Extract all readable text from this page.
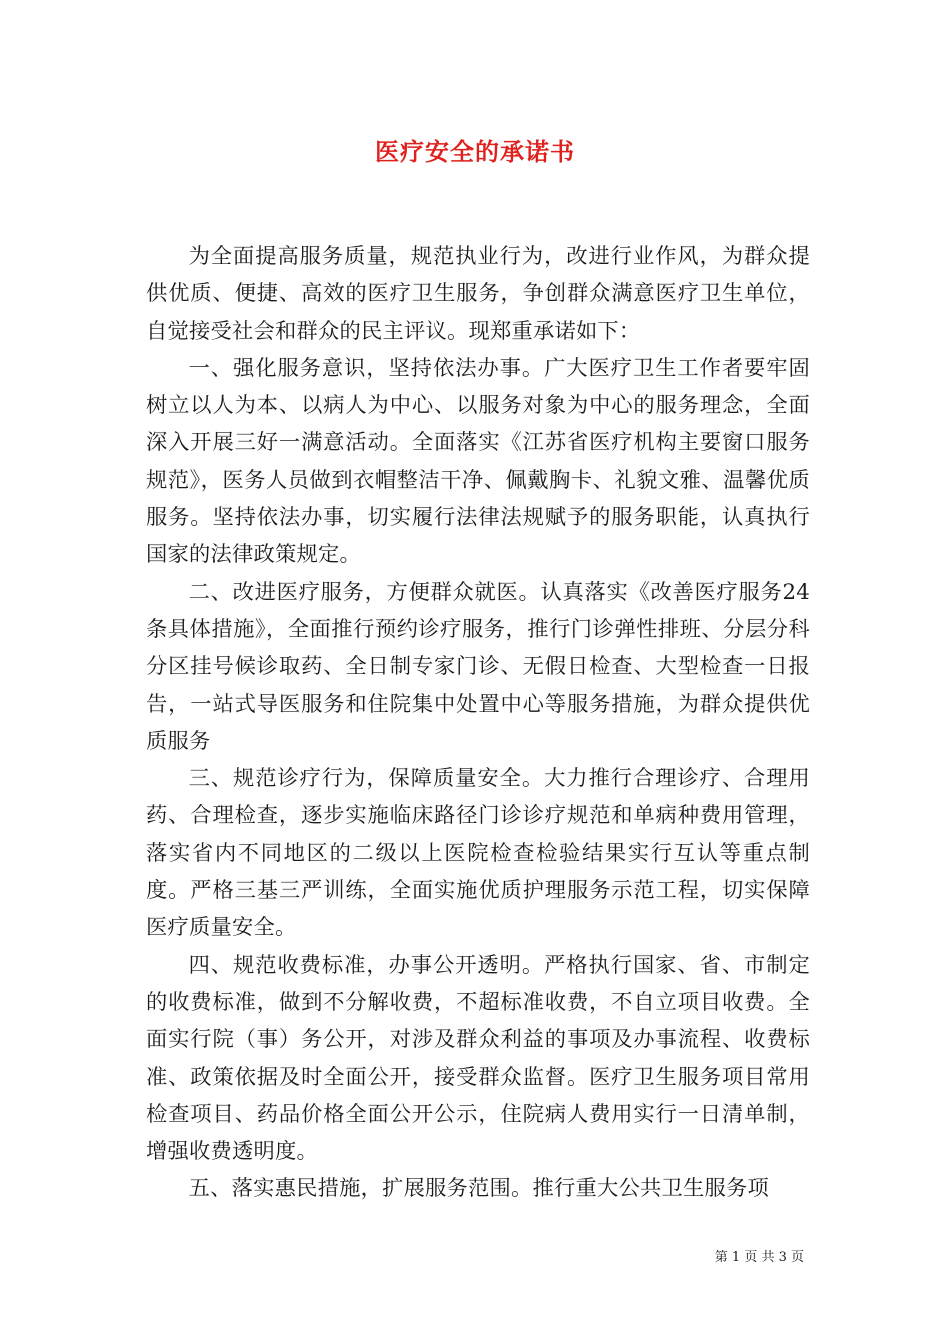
医疗安全的承诺书

为全面提高服务质量，规范执业行为，改进行业作风，为群众提供优质、便捷、高效的医疗卫生服务，争创群众满意医疗卫生单位，自觉接受社会和群众的民主评议。现郑重承诺如下：

一、强化服务意识，坚持依法办事。广大医疗卫生工作者要牢固树立以人为本、以病人为中心、以服务对象为中心的服务理念，全面深入开展三好一满意活动。全面落实《江苏省医疗机构主要窗口服务规范》，医务人员做到衣帽整洁干净、佩戴胸卡、礼貌文雅、温馨优质服务。坚持依法办事，切实履行法律法规赋予的服务职能，认真执行国家的法律政策规定。

二、改进医疗服务，方便群众就医。认真落实《改善医疗服务24条具体措施》，全面推行预约诊疗服务，推行门诊弹性排班、分层分科分区挂号候诊取药、全日制专家门诊、无假日检查、大型检查一日报告，一站式导医服务和住院集中处置中心等服务措施，为群众提供优质服务

三、规范诊疗行为，保障质量安全。大力推行合理诊疗、合理用药、合理检查，逐步实施临床路径门诊诊疗规范和单病种费用管理，落实省内不同地区的二级以上医院检查检验结果实行互认等重点制度。严格三基三严训练，全面实施优质护理服务示范工程，切实保障医疗质量安全。

四、规范收费标准，办事公开透明。严格执行国家、省、市制定的收费标准，做到不分解收费，不超标准收费，不自立项目收费。全面实行院（事）务公开，对涉及群众利益的事项及办事流程、收费标准、政策依据及时全面公开，接受群众监督。医疗卫生服务项目常用检查项目、药品价格全面公开公示，住院病人费用实行一日清单制，增强收费透明度。

五、落实惠民措施，扩展服务范围。推行重大公共卫生服务项

第 1 页 共 3 页
